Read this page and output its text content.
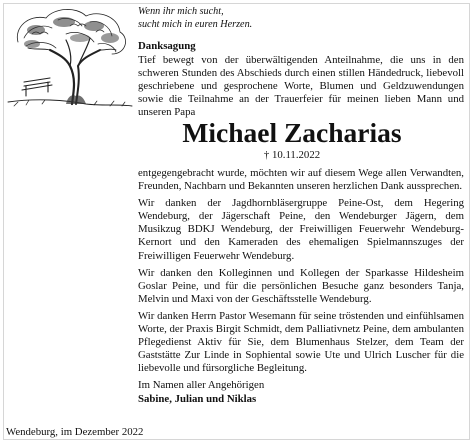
Wenn ihr mich sucht,
sucht mich in euren Herzen.
Danksagung

Tief bewegt von der überwältigenden Anteilnahme, die uns in den schweren Stunden des Abschieds durch einen stillen Händedruck, liebevoll geschriebene und gesprochene Worte, Blumen und Geldzuwendungen sowie die Teilnahme an der Trauerfeier für meinen lieben Mann und unseren Papa

Michael Zacharias
† 10.11.2022

entgegengebracht wurde, möchten wir auf diesem Wege allen Verwandten, Freunden, Nachbarn und Bekannten unseren herzlichen Dank aussprechen.

Wir danken der Jagdhornbläsergruppe Peine-Ost, dem Hegering Wendeburg, der Jägerschaft Peine, den Wendeburger Jägern, dem Musikzug BDKJ Wendeburg, der Freiwilligen Feuerwehr Wendeburg-Kernort und den Kameraden des ehemaligen Spielmannszuges der Freiwilligen Feuerwehr Wendeburg.

Wir danken den Kolleginnen und Kollegen der Sparkasse Hildesheim Goslar Peine, und für die persönlichen Besuche ganz besonders Tanja, Melvin und Maxi von der Geschäftsstelle Wendeburg.

Wir danken Herrn Pastor Wesemann für seine tröstenden und einfühlsamen Worte, der Praxis Birgit Schmidt, dem Palliativnetz Peine, dem ambulanten Pflegedienst Aktiv für Sie, dem Blumenhaus Stelzer, dem Team der Gaststätte Zur Linde in Sophiental sowie Ute und Ulrich Luscher für die liebevolle und fürsorgliche Begleitung.

Im Namen aller Angehörigen
Sabine, Julian und Niklas
Wendeburg, im Dezember 2022
